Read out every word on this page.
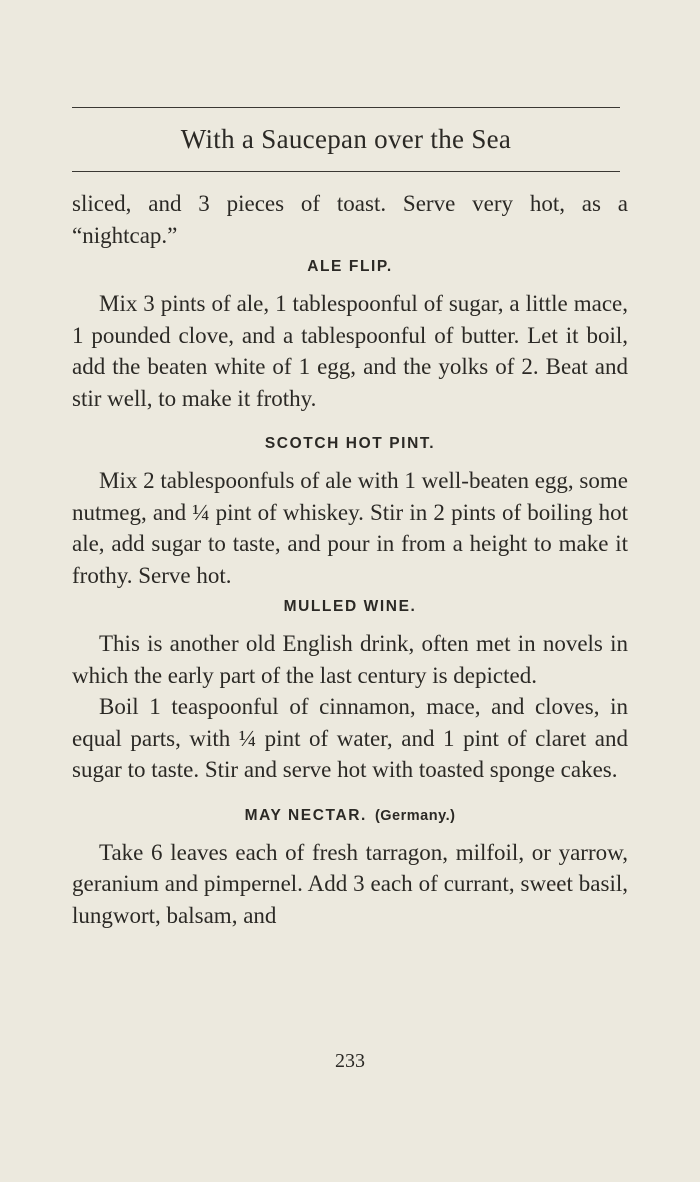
With a Saucepan over the Sea

sliced, and 3 pieces of toast. Serve very hot, as a “nightcap.”

ALE FLIP.

Mix 3 pints of ale, 1 tablespoonful of sugar, a little mace, 1 pounded clove, and a tablespoonful of butter. Let it boil, add the beaten white of 1 egg, and the yolks of 2. Beat and stir well, to make it frothy.

SCOTCH HOT PINT.

Mix 2 tablespoonfuls of ale with 1 well-beaten egg, some nutmeg, and ¼ pint of whiskey. Stir in 2 pints of boiling hot ale, add sugar to taste, and pour in from a height to make it frothy. Serve hot.

MULLED WINE.

This is another old English drink, often met in novels in which the early part of the last century is depicted.

Boil 1 teaspoonful of cinnamon, mace, and cloves, in equal parts, with ¼ pint of water, and 1 pint of claret and sugar to taste. Stir and serve hot with toasted sponge cakes.

MAY NECTAR. (Germany.)

Take 6 leaves each of fresh tarragon, milfoil, or yarrow, geranium and pimpernel. Add 3 each of currant, sweet basil, lungwort, balsam, and

233
